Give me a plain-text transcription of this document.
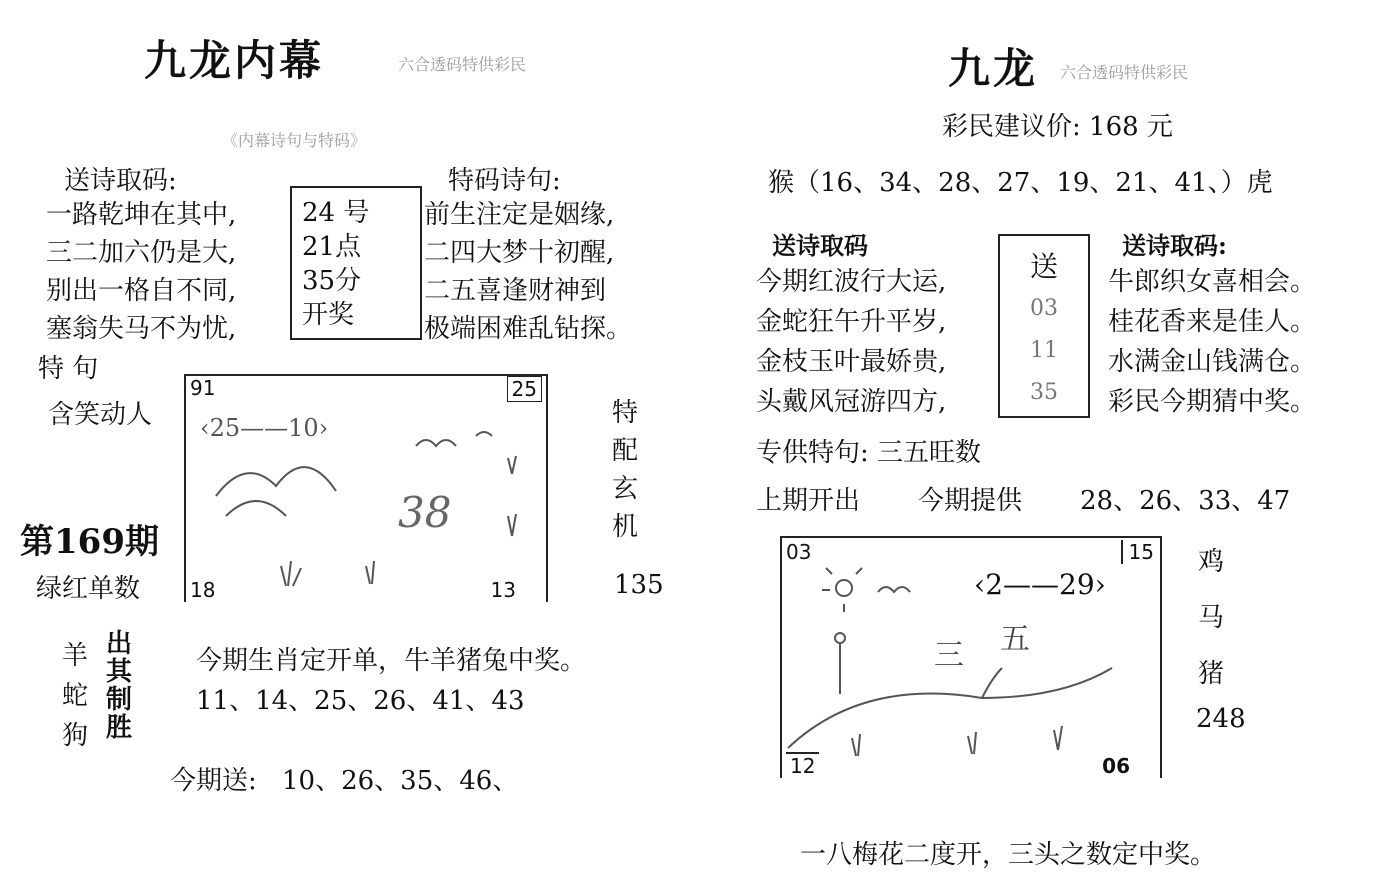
九龙内幕	六合透码特供彩民
《内幕诗句与特码》
送诗取码:
一路乾坤在其中,
三二加六仍是大,
别出一格自不同,
塞翁失马不为忧,
24 号
21点
35分
开奖
特码诗句:
前生注定是姻缘,
二四大梦十初醒,
二五喜逢财神到
极端困难乱钻探。
特 句
含笑动人
第169期
绿红单数
91	25
18	13
‹25——10›
38
特
配
玄
机
135
羊
蛇
狗
出
其
制
胜
今期生肖定开单，牛羊猪兔中奖。
11、14、25、26、41、43
今期送: 10、26、35、46、
九龙 六合透码特供彩民
彩民建议价: 168 元
猴（16、34、28、27、19、21、41、）虎
送诗取码
今期红波行大运,
金蛇狂午升平岁,
金枝玉叶最娇贵,
头戴风冠游四方,
送
03
11
35
送诗取码:
牛郎织女喜相会。
桂花香来是佳人。
水满金山钱满仓。
彩民今期猜中奖。
专供特句: 三五旺数
上期开出 今期提供 28、26、33、47
03	15
12	06
‹2——29›
三 五
鸡
马
猪
248
一八梅花二度开，三头之数定中奖。
